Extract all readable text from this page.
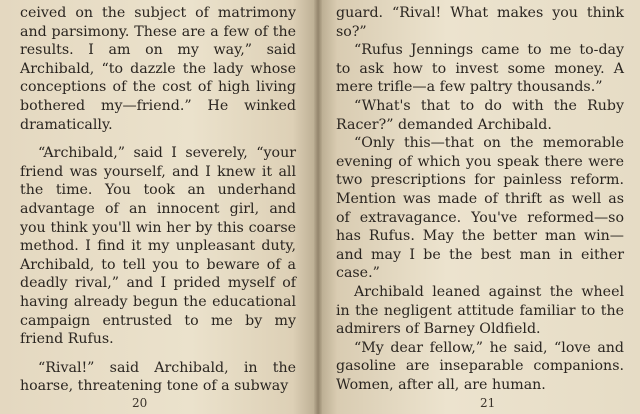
ceived on the subject of matrimony and parsimony. These are a few of the results. I am on my way,” said Archibald, “to dazzle the lady whose conceptions of the cost of high living bothered my—friend.” He winked dramatically.

“Archibald,” said I severely, “your friend was yourself, and I knew it all the time. You took an underhand advantage of an innocent girl, and you think you'll win her by this coarse method. I find it my unpleasant duty, Archibald, to tell you to beware of a deadly rival,” and I prided myself of having already begun the educational campaign entrusted to me by my friend Rufus.

“Rival!” said Archibald, in the hoarse, threatening tone of a subway

20

guard. “Rival! What makes you think so?”

“Rufus Jennings came to me to-day to ask how to invest some money. A mere trifle—a few paltry thousands.”

“What's that to do with the Ruby Racer?” demanded Archibald.

“Only this—that on the memorable evening of which you speak there were two prescriptions for painless reform. Mention was made of thrift as well as of extravagance. You've reformed—so has Rufus. May the better man win—and may I be the best man in either case.”

Archibald leaned against the wheel in the negligent attitude familiar to the admirers of Barney Oldfield.

“My dear fellow,” he said, “love and gasoline are inseparable companions. Women, after all, are human.

21
